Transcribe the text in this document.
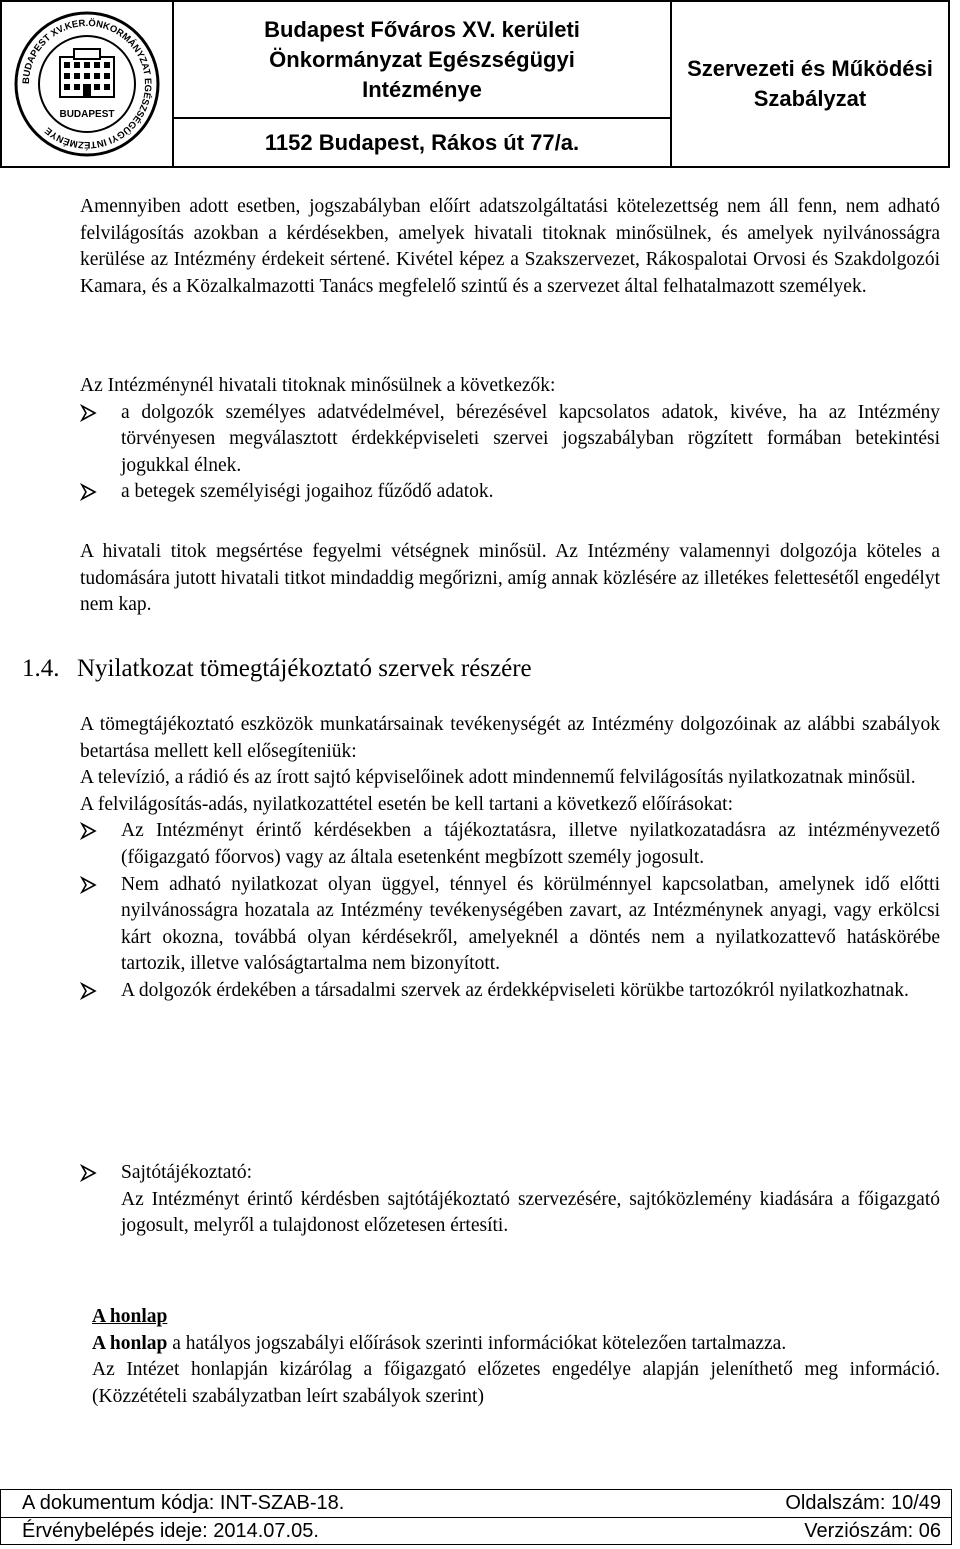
BUDAPEST XV.KER.ÖNKORMÁNYZAT EGÉSZSÉGÜGYI INTÉZMÉNYE
BUDAPEST
Budapest Főváros XV. kerületi
Önkormányzat Egészségügyi
Intézménye
1152 Budapest, Rákos út 77/a.
Szervezeti és Működési
Szabályzat

Amennyiben adott esetben, jogszabályban előírt adatszolgáltatási kötelezettség nem áll fenn, nem adható felvilágosítás azokban a kérdésekben, amelyek hivatali titoknak minősülnek, és amelyek nyilvánosságra kerülése az Intézmény érdekeit sértené. Kivétel képez a Szakszervezet, Rákospalotai Orvosi és Szakdolgozói Kamara, és a Közalkalmazotti Tanács megfelelő szintű és a szervezet által felhatalmazott személyek.

Az Intézménynél hivatali titoknak minősülnek a következők:

a dolgozók személyes adatvédelmével, bérezésével kapcsolatos adatok, kivéve, ha az Intézmény törvényesen megválasztott érdekképviseleti szervei jogszabályban rögzített formában betekintési jogukkal élnek.

a betegek személyiségi jogaihoz fűződő adatok.

A hivatali titok megsértése fegyelmi vétségnek minősül. Az Intézmény valamennyi dolgozója köteles a tudomására jutott hivatali titkot mindaddig megőrizni, amíg annak közlésére az illetékes felettesétől engedélyt nem kap.

1.4. Nyilatkozat tömegtájékoztató szervek részére

A tömegtájékoztató eszközök munkatársainak tevékenységét az Intézmény dolgozóinak az alábbi szabályok betartása mellett kell elősegíteniük:

A televízió, a rádió és az írott sajtó képviselőinek adott mindennemű felvilágosítás nyilatkozatnak minősül.

A felvilágosítás-adás, nyilatkozattétel esetén be kell tartani a következő előírásokat:

Az Intézményt érintő kérdésekben a tájékoztatásra, illetve nyilatkozatadásra az intézményvezető (főigazgató főorvos) vagy az általa esetenként megbízott személy jogosult.

Nem adható nyilatkozat olyan üggyel, ténnyel és körülménnyel kapcsolatban, amelynek idő előtti nyilvánosságra hozatala az Intézmény tevékenységében zavart, az Intézménynek anyagi, vagy erkölcsi kárt okozna, továbbá olyan kérdésekről, amelyeknél a döntés nem a nyilatkozattevő hatáskörébe tartozik, illetve valóságtartalma nem bizonyított.

A dolgozók érdekében a társadalmi szervek az érdekképviseleti körükbe tartozókról nyilatkozhatnak.

Sajtótájékoztató:

Az Intézményt érintő kérdésben sajtótájékoztató szervezésére, sajtóközlemény kiadására a főigazgató jogosult, melyről a tulajdonost előzetesen értesíti.

A honlap

A honlap a hatályos jogszabályi előírások szerinti információkat kötelezően tartalmazza.

Az Intézet honlapján kizárólag a főigazgató előzetes engedélye alapján jeleníthető meg információ. (Közzétételi szabályzatban leírt szabályok szerint)

A dokumentum kódja: INT-SZAB-18.	Oldalszám: 10/49
Érvénybelépés ideje: 2014.07.05.	Verziószám: 06
